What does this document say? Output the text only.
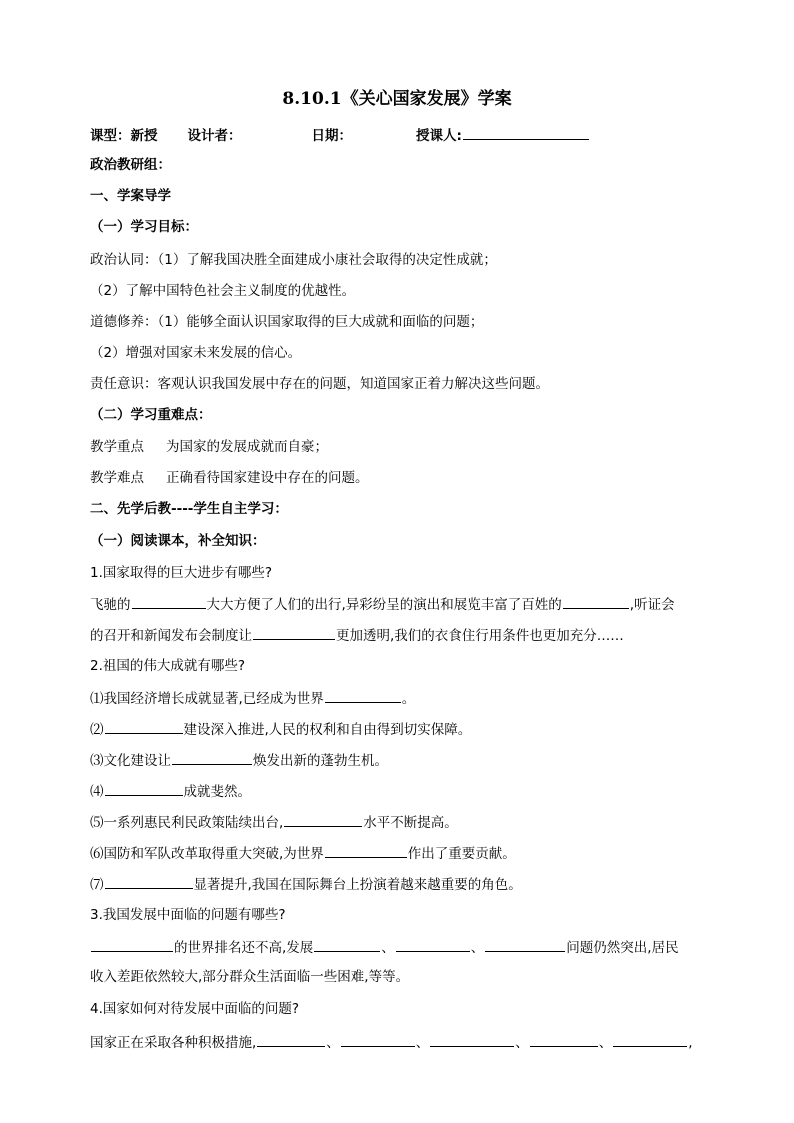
8.10.1《关心国家发展》学案
课型：新授 设计者：	日期：	授课人:
政治教研组：
一、学案导学
（一）学习目标：
政治认同：（1）了解我国决胜全面建成小康社会取得的决定性成就；
（2）了解中国特色社会主义制度的优越性。
道德修养：（1）能够全面认识国家取得的巨大成就和面临的问题；
（2）增强对国家未来发展的信心。
责任意识：客观认识我国发展中存在的问题，知道国家正着力解决这些问题。
（二）学习重难点：
教学重点 为国家的发展成就而自豪；
教学难点 正确看待国家建设中存在的问题。
二、先学后教----学生自主学习：
（一）阅读课本，补全知识：
1.国家取得的巨大进步有哪些?
飞驰的	大大方便了人们的出行,异彩纷呈的演出和展览丰富了百姓的	,听证会
的召开和新闻发布会制度让	更加透明,我们的衣食住行用条件也更加充分……
2.祖国的伟大成就有哪些?
⑴我国经济增长成就显著,已经成为世界	。
⑵	建设深入推进,人民的权利和自由得到切实保障。
⑶文化建设让	焕发出新的蓬勃生机。
⑷	成就斐然。
⑸一系列惠民利民政策陆续出台,	水平不断提高。
⑹国防和军队改革取得重大突破,为世界	作出了重要贡献。
⑺	显著提升,我国在国际舞台上扮演着越来越重要的角色。
3.我国发展中面临的问题有哪些?
的世界排名还不高,发展	、	、	问题仍然突出,居民
收入差距依然较大,部分群众生活面临一些困难,等等。
4.国家如何对待发展中面临的问题?
国家正在采取各种积极措施,	、	、	、	、	,
